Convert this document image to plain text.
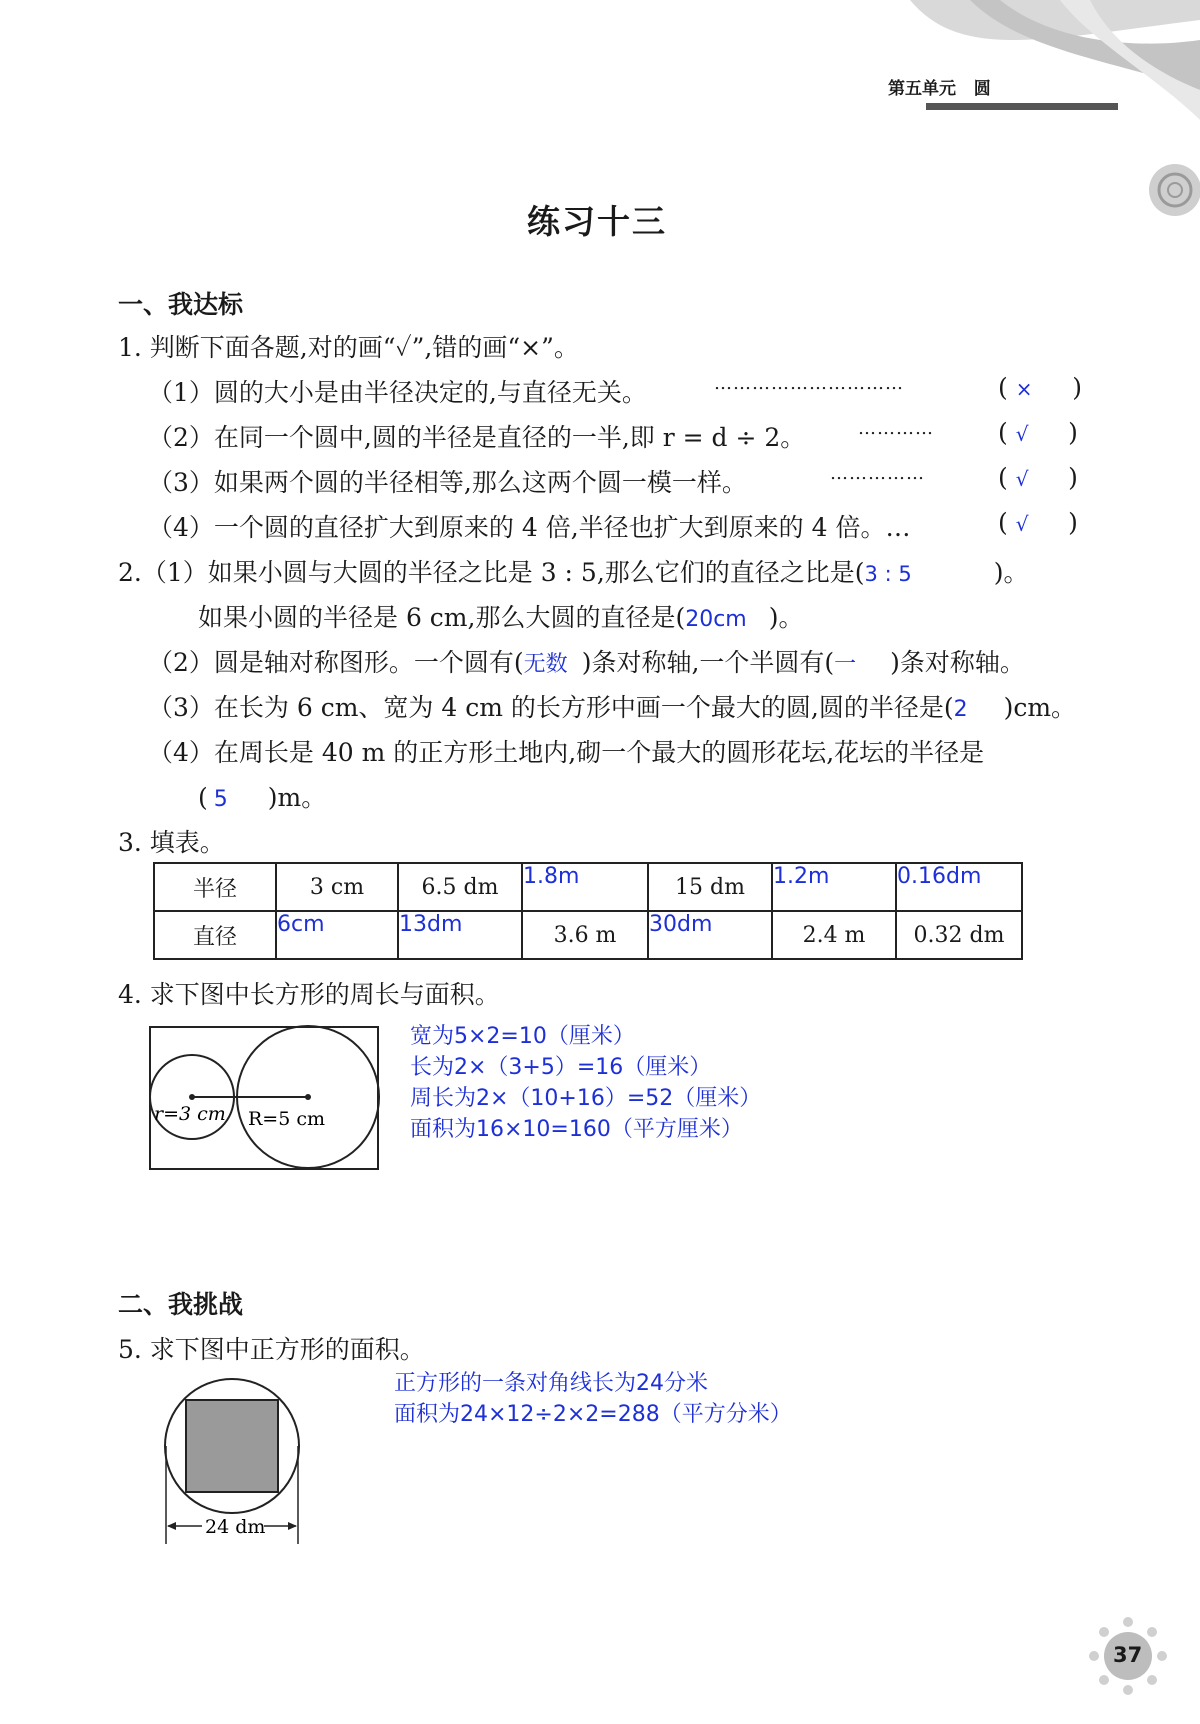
第五单元 圆
练习十三
一、我达标
1. 判断下面各题,对的画“✓”,错的画“×”。
（1）圆的大小是由半径决定的,与直径无关。	…………………………	( ×     )
（2）在同一个圆中,圆的半径是直径的一半,即 r = d ÷ 2。	…………	( √     )
（3）如果两个圆的半径相等,那么这两个圆一模一样。	……………	( √     )
（4）一个圆的直径扩大到原来的 4 倍,半径也扩大到原来的 4 倍。…	( √     )
2.（1）如果小圆与大圆的半径之比是 3 : 5,那么它们的直径之比是(3 : 5	)。
如果小圆的半径是 6 cm,那么大圆的直径是(20cm )。
（2）圆是轴对称图形。一个圆有(无数 )条对称轴,一个半圆有(一 )条对称轴。
（3）在长为 6 cm、宽为 4 cm 的长方形中画一个最大的圆,圆的半径是(2 )cm。
（4）在周长是 40 m 的正方形土地内,砌一个最大的圆形花坛,花坛的半径是
( 5 )m。
3. 填表。
半径	3 cm	6.5 dm	1.8m	15 dm	1.2m	0.16dm
直径	6cm	13dm	3.6 m	30dm	2.4 m	0.32 dm
4. 求下图中长方形的周长与面积。
r=3 cm R=5 cm
宽为5×2=10（厘米）
长为2×（3+5）=16（厘米）
周长为2×（10+16）=52（厘米）
面积为16×10=160（平方厘米）
二、我挑战
5. 求下图中正方形的面积。
24 dm
正方形的一条对角线长为24分米
面积为24×12÷2×2=288（平方分米）
37
